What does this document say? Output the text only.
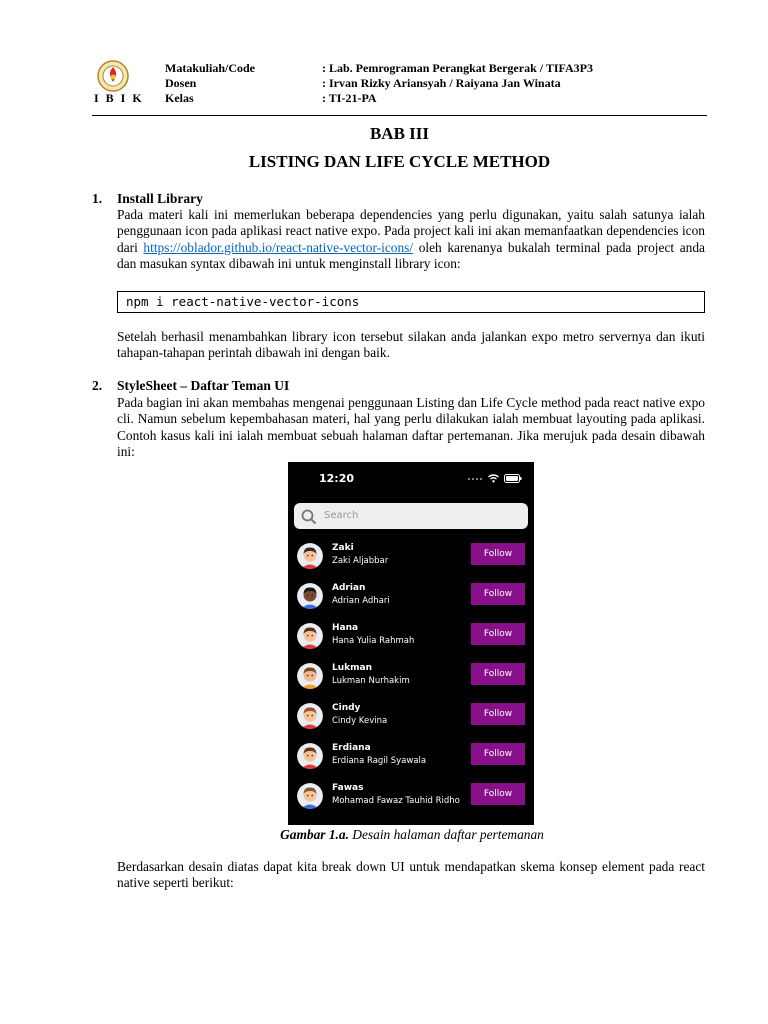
I B I K
Matakuliah/Code	: Lab. Pemrograman Perangkat Bergerak / TIFA3P3
Dosen	: Irvan Rizky Ariansyah / Raiyana Jan Winata
Kelas	: TI-21-PA
BAB III
LISTING DAN LIFE CYCLE METHOD
1. Install Library
Pada materi kali ini memerlukan beberapa dependencies yang perlu digunakan, yaitu salah satunya ialah penggunaan icon pada aplikasi react native expo. Pada project kali ini akan memanfaatkan dependencies icon dari https://oblador.github.io/react-native-vector-icons/ oleh karenanya bukalah terminal pada project anda dan masukan syntax dibawah ini untuk menginstall library icon:
npm i react-native-vector-icons
Setelah berhasil menambahkan library icon tersebut silakan anda jalankan expo metro servernya dan ikuti tahapan-tahapan perintah dibawah ini dengan baik.
2. StyleSheet – Daftar Teman UI
Pada bagian ini akan membahas mengenai penggunaan Listing dan Life Cycle method pada react native expo cli. Namun sebelum kepembahasan materi, hal yang perlu dilakukan ialah membuat layouting pada aplikasi. Contoh kasus kali ini ialah membuat sebuah halaman daftar pertemanan. Jika merujuk pada desain dibawah ini:
12:20
Search
Zaki
Zaki Aljabbar
Follow
Adrian
Adrian Adhari
Follow
Hana
Hana Yulia Rahmah
Follow
Lukman
Lukman Nurhakim
Follow
Cindy
Cindy Kevina
Follow
Erdiana
Erdiana Ragil Syawala
Follow
Fawas
Mohamad Fawaz Tauhid Ridho
Follow
Gambar 1.a. Desain halaman daftar pertemanan
Berdasarkan desain diatas dapat kita break down UI untuk mendapatkan skema konsep element pada react native seperti berikut:
